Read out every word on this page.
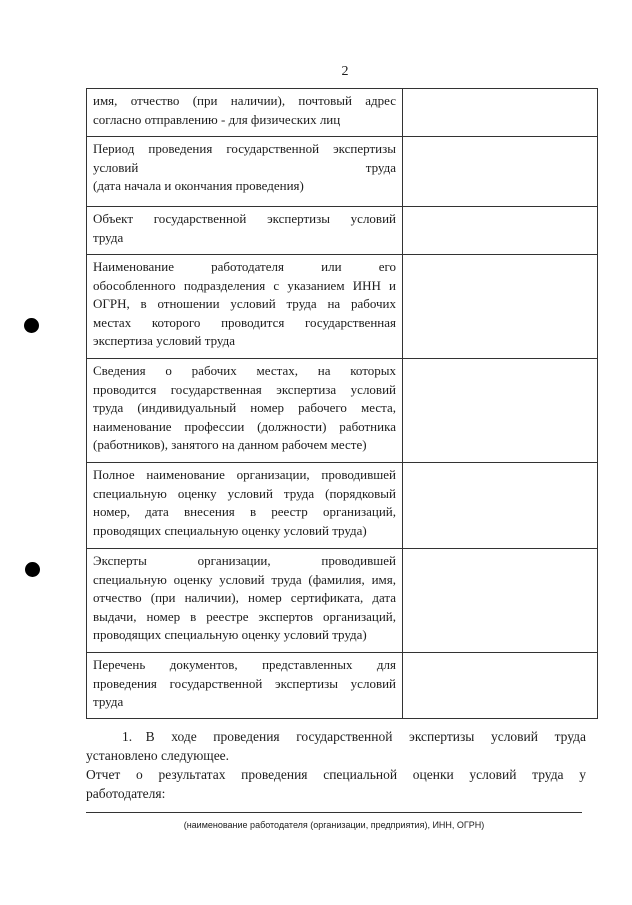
2
имя, отчество (при наличии), почтовый адрес
согласно отправлению - для физических лиц	

Период проведения государственной экспертизы
условий труда
(дата начала и окончания проведения)	

Объект государственной экспертизы условий
труда	

Наименование работодателя или его
обособленного подразделения с указанием ИНН и
ОГРН, в отношении условий труда на рабочих
местах которого проводится государственная
экспертиза условий труда	

Сведения о рабочих местах, на которых
проводится государственная экспертиза условий
труда (индивидуальный номер рабочего места,
наименование профессии (должности) работника
(работников), занятого на данном рабочем месте)	

Полное наименование организации, проводившей
специальную оценку условий труда (порядковый
номер, дата внесения в реестр организаций,
проводящих специальную оценку условий труда)	

Эксперты организации, проводившей
специальную оценку условий труда (фамилия, имя,
отчество (при наличии), номер сертификата, дата
выдачи, номер в реестре экспертов организаций,
проводящих специальную оценку условий труда)	

Перечень документов, представленных для
проведения государственной экспертизы условий
труда	

1. В ходе проведения государственной экспертизы условий труда
установлено следующее.
Отчет о результатах проведения специальной оценки условий труда у
работодателя:
(наименование работодателя (организации, предприятия), ИНН, ОГРН)
